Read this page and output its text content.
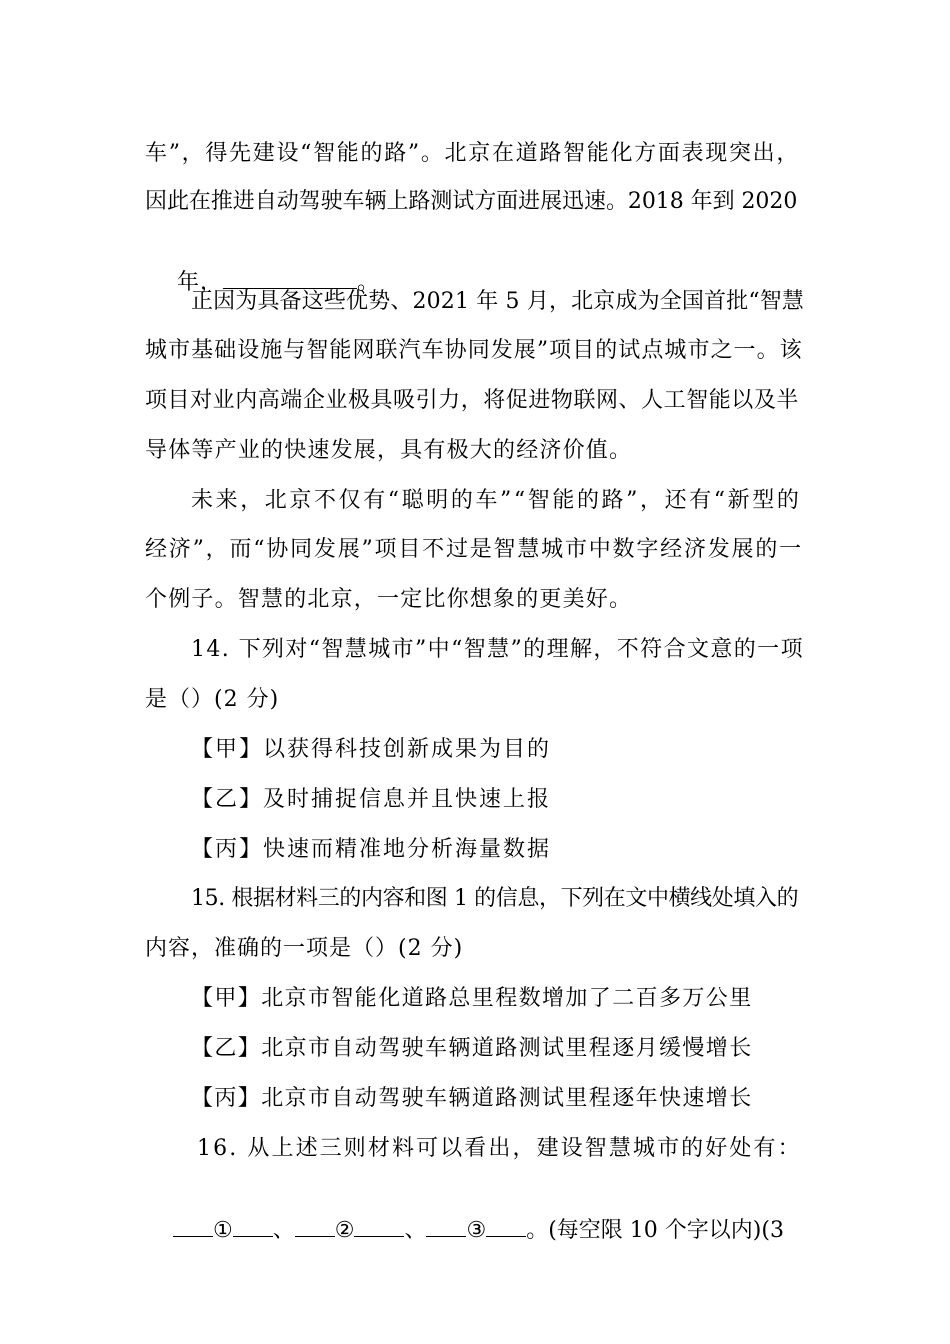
车”，得先建设“智能的路”。北京在道路智能化方面表现突出，
因此在推进自动驾驶车辆上路测试方面进展迅速。2018 年到 2020

年，	。

正因为具备这些优势、2021 年 5 月，北京成为全国首批“智慧
城市基础设施与智能网联汽车协同发展”项目的试点城市之一。该
项目对业内高端企业极具吸引力，将促进物联网、人工智能以及半
导体等产业的快速发展，具有极大的经济价值。
未来，北京不仅有“聪明的车”“智能的路”，还有“新型的
经济”，而“协同发展”项目不过是智慧城市中数字经济发展的一
个例子。智慧的北京，一定比你想象的更美好。
14. 下列对“智慧城市”中“智慧”的理解，不符合文意的一项
是（）(2 分)
【甲】以获得科技创新成果为目的
【乙】及时捕捉信息并且快速上报
【丙】快速而精准地分析海量数据
15. 根据材料三的内容和图 1 的信息，下列在文中横线处填入的
内容，准确的一项是（）(2 分)
【甲】北京市智能化道路总里程数增加了二百多万公里
【乙】北京市自动驾驶车辆道路测试里程逐月缓慢增长
【丙】北京市自动驾驶车辆道路测试里程逐年快速增长
16. 从上述三则材料可以看出，建设智慧城市的好处有：

① 、 ② 、 ③ 。(每空限 10 个字以内)(3
